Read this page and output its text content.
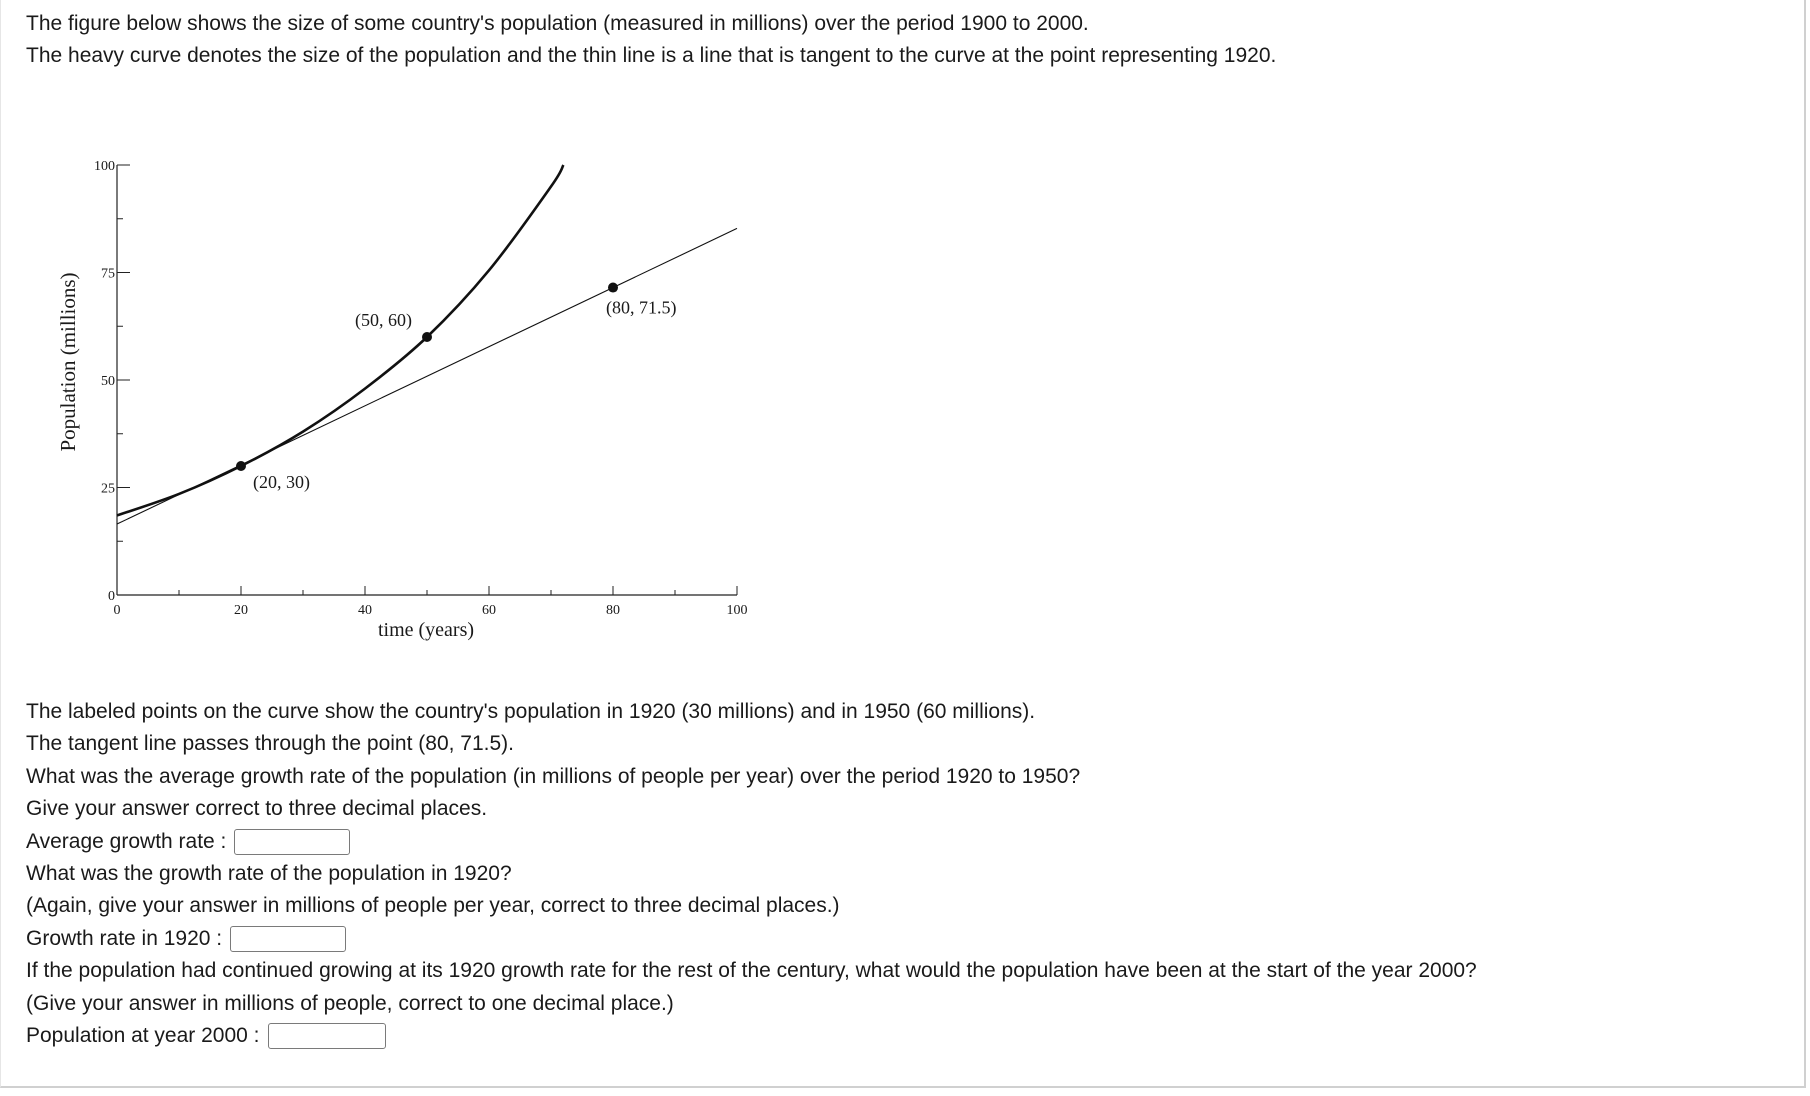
The figure below shows the size of some country's population (measured in millions) over the period 1900 to 2000.
The heavy curve denotes the size of the population and the thin line is a line that is tangent to the curve at the point representing 1920.
0	20	40	60	80	100
0
25
50
75
100
(20, 30)
(50, 60)
(80, 71.5)
time (years)
Population (millions)
The labeled points on the curve show the country's population in 1920 (30 millions) and in 1950 (60 millions).
The tangent line passes through the point (80, 71.5).
What was the average growth rate of the population (in millions of people per year) over the period 1920 to 1950?
Give your answer correct to three decimal places.
Average growth rate :
What was the growth rate of the population in 1920?
(Again, give your answer in millions of people per year, correct to three decimal places.)
Growth rate in 1920 :
If the population had continued growing at its 1920 growth rate for the rest of the century, what would the population have been at the start of the year 2000?
(Give your answer in millions of people, correct to one decimal place.)
Population at year 2000 :
